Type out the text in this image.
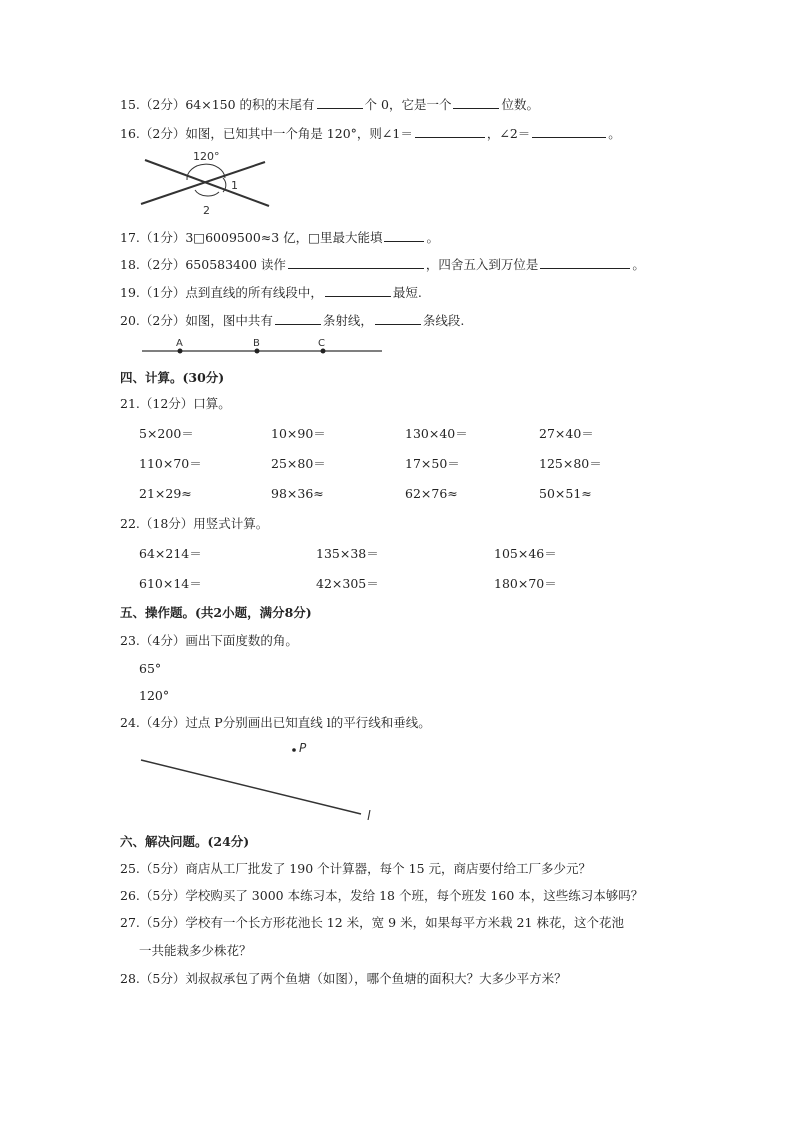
15.（2分）64×150 的积的末尾有	个 0，它是一个	位数。
16.（2分）如图，已知其中一个角是 120°，则∠1＝	，∠2＝	。
120°
1
2
17.（1分）3□6009500≈3 亿，□里最大能填	。
18.（2分）650583400 读作	，四舍五入到万位是	。
19.（1分）点到直线的所有线段中，	最短.
20.（2分）如图，图中共有	条射线，	条线段.
A	B	C
四、计算。(30分)
21.（12分）口算。
5×200＝	10×90＝	130×40＝	27×40＝
110×70＝	25×80＝	17×50＝	125×80＝
21×29≈	98×36≈	62×76≈	50×51≈
22.（18分）用竖式计算。
64×214＝	135×38＝	105×46＝
610×14＝	42×305＝	180×70＝
五、操作题。(共2小题，满分8分)
23.（4分）画出下面度数的角。
65°
120°
24.（4分）过点 P分别画出已知直线 l的平行线和垂线。
P
l
六、解决问题。(24分)
25.（5分）商店从工厂批发了 190 个计算器，每个 15 元，商店要付给工厂多少元？
26.（5分）学校购买了 3000 本练习本，发给 18 个班，每个班发 160 本，这些练习本够吗？
27.（5分）学校有一个长方形花池长 12 米，宽 9 米，如果每平方米栽 21 株花，这个花池
一共能栽多少株花？
28.（5分）刘叔叔承包了两个鱼塘（如图），哪个鱼塘的面积大？大多少平方米？
